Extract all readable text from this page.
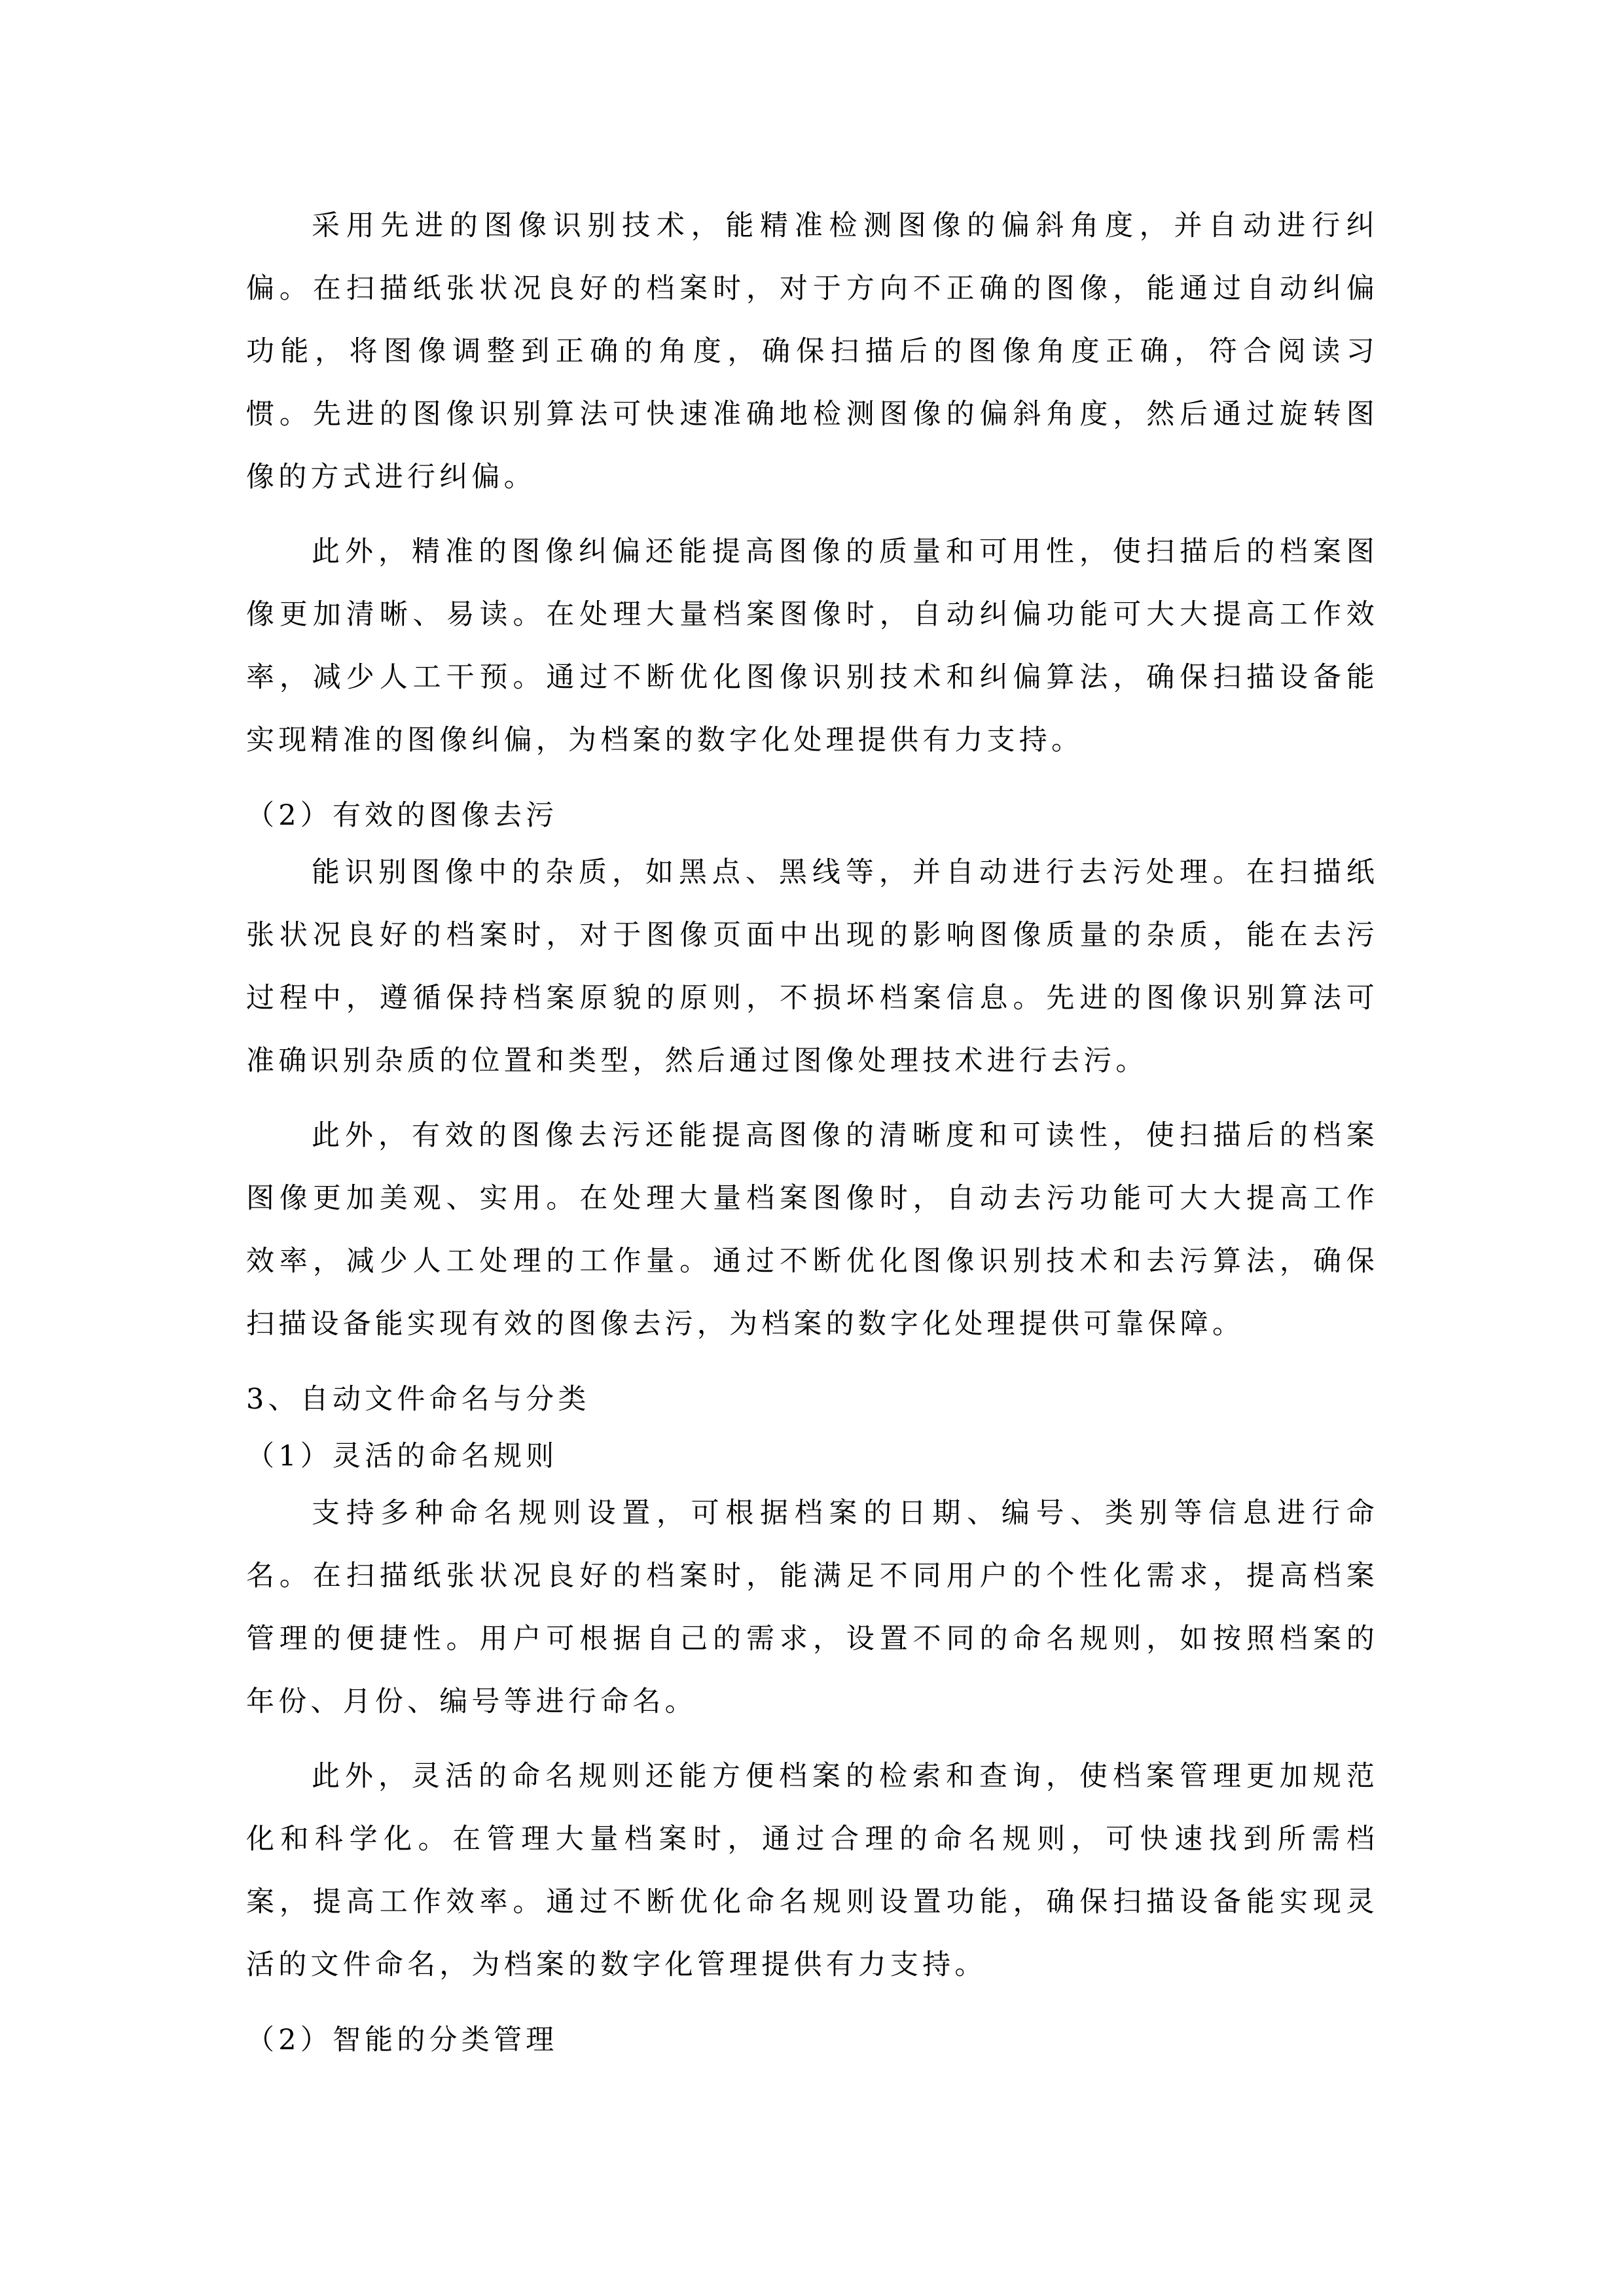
采用先进的图像识别技术，能精准检测图像的偏斜角度，并自动进行纠
偏。在扫描纸张状况良好的档案时，对于方向不正确的图像，能通过自动纠偏
功能，将图像调整到正确的角度，确保扫描后的图像角度正确，符合阅读习
惯。先进的图像识别算法可快速准确地检测图像的偏斜角度，然后通过旋转图
像的方式进行纠偏。
此外，精准的图像纠偏还能提高图像的质量和可用性，使扫描后的档案图
像更加清晰、易读。在处理大量档案图像时，自动纠偏功能可大大提高工作效
率，减少人工干预。通过不断优化图像识别技术和纠偏算法，确保扫描设备能
实现精准的图像纠偏，为档案的数字化处理提供有力支持。
（2）有效的图像去污
能识别图像中的杂质，如黑点、黑线等，并自动进行去污处理。在扫描纸
张状况良好的档案时，对于图像页面中出现的影响图像质量的杂质，能在去污
过程中，遵循保持档案原貌的原则，不损坏档案信息。先进的图像识别算法可
准确识别杂质的位置和类型，然后通过图像处理技术进行去污。
此外，有效的图像去污还能提高图像的清晰度和可读性，使扫描后的档案
图像更加美观、实用。在处理大量档案图像时，自动去污功能可大大提高工作
效率，减少人工处理的工作量。通过不断优化图像识别技术和去污算法，确保
扫描设备能实现有效的图像去污，为档案的数字化处理提供可靠保障。
3、自动文件命名与分类
（1）灵活的命名规则
支持多种命名规则设置，可根据档案的日期、编号、类别等信息进行命
名。在扫描纸张状况良好的档案时，能满足不同用户的个性化需求，提高档案
管理的便捷性。用户可根据自己的需求，设置不同的命名规则，如按照档案的
年份、月份、编号等进行命名。
此外，灵活的命名规则还能方便档案的检索和查询，使档案管理更加规范
化和科学化。在管理大量档案时，通过合理的命名规则，可快速找到所需档
案，提高工作效率。通过不断优化命名规则设置功能，确保扫描设备能实现灵
活的文件命名，为档案的数字化管理提供有力支持。
（2）智能的分类管理
